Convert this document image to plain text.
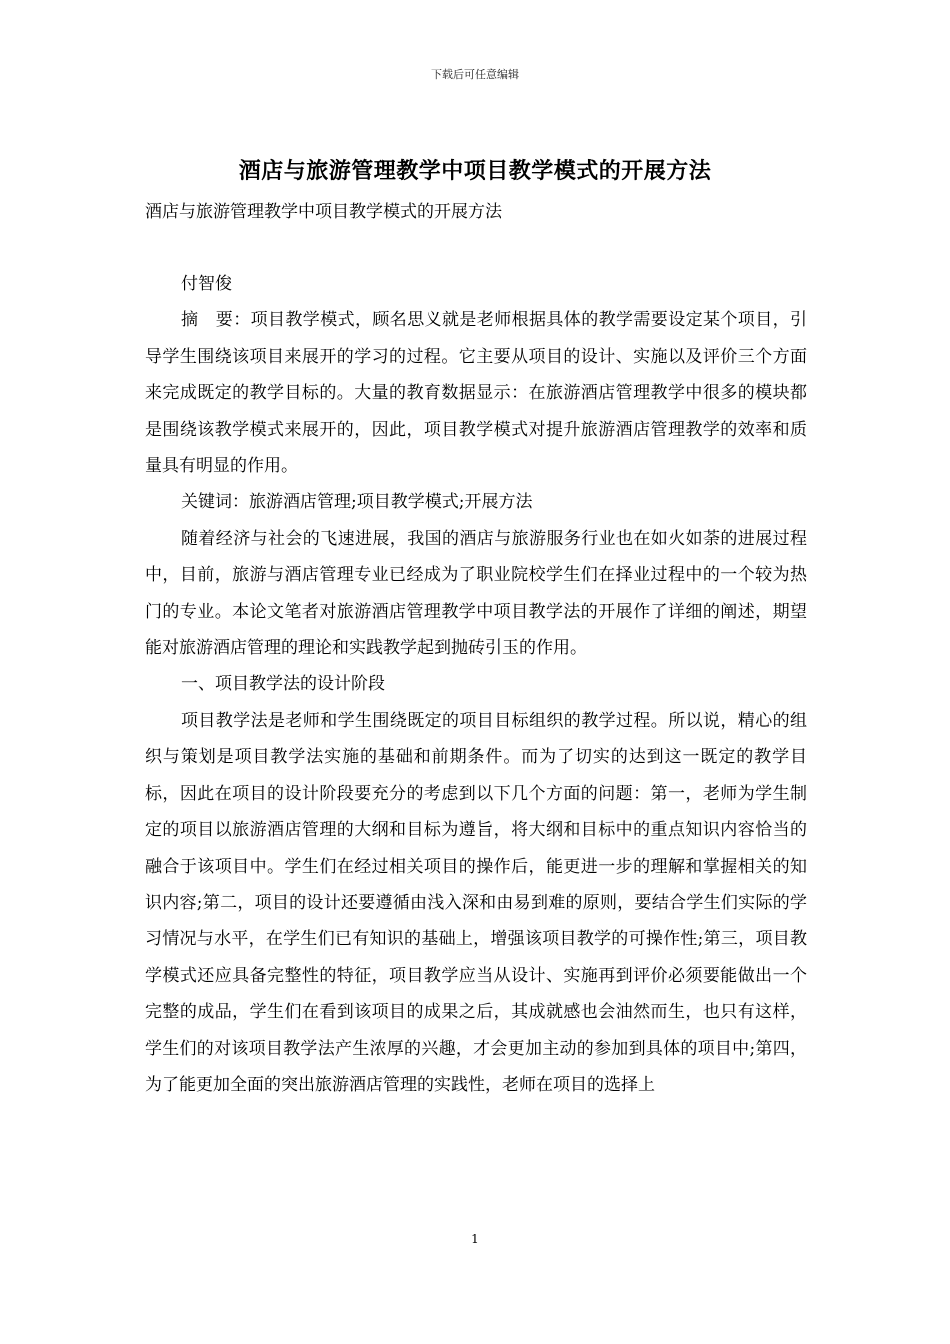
下载后可任意编辑
酒店与旅游管理教学中项目教学模式的开展方法
酒店与旅游管理教学中项目教学模式的开展方法

付智俊

摘　要：项目教学模式，顾名思义就是老师根据具体的教学需要设定某个项目，引导学生围绕该项目来展开的学习的过程。它主要从项目的设计、实施以及评价三个方面来完成既定的教学目标的。大量的教育数据显示：在旅游酒店管理教学中很多的模块都是围绕该教学模式来展开的，因此，项目教学模式对提升旅游酒店管理教学的效率和质量具有明显的作用。

关键词：旅游酒店管理;项目教学模式;开展方法

随着经济与社会的飞速进展，我国的酒店与旅游服务行业也在如火如荼的进展过程中，目前，旅游与酒店管理专业已经成为了职业院校学生们在择业过程中的一个较为热门的专业。本论文笔者对旅游酒店管理教学中项目教学法的开展作了详细的阐述，期望能对旅游酒店管理的理论和实践教学起到抛砖引玉的作用。

一、项目教学法的设计阶段

项目教学法是老师和学生围绕既定的项目目标组织的教学过程。所以说，精心的组织与策划是项目教学法实施的基础和前期条件。而为了切实的达到这一既定的教学目标，因此在项目的设计阶段要充分的考虑到以下几个方面的问题：第一，老师为学生制定的项目以旅游酒店管理的大纲和目标为遵旨，将大纲和目标中的重点知识内容恰当的融合于该项目中。学生们在经过相关项目的操作后，能更进一步的理解和掌握相关的知识内容;第二，项目的设计还要遵循由浅入深和由易到难的原则，要结合学生们实际的学习情况与水平，在学生们已有知识的基础上，增强该项目教学的可操作性;第三，项目教学模式还应具备完整性的特征，项目教学应当从设计、实施再到评价必须要能做出一个完整的成品，学生们在看到该项目的成果之后，其成就感也会油然而生，也只有这样，学生们的对该项目教学法产生浓厚的兴趣，才会更加主动的参加到具体的项目中;第四，为了能更加全面的突出旅游酒店管理的实践性，老师在项目的选择上

1
